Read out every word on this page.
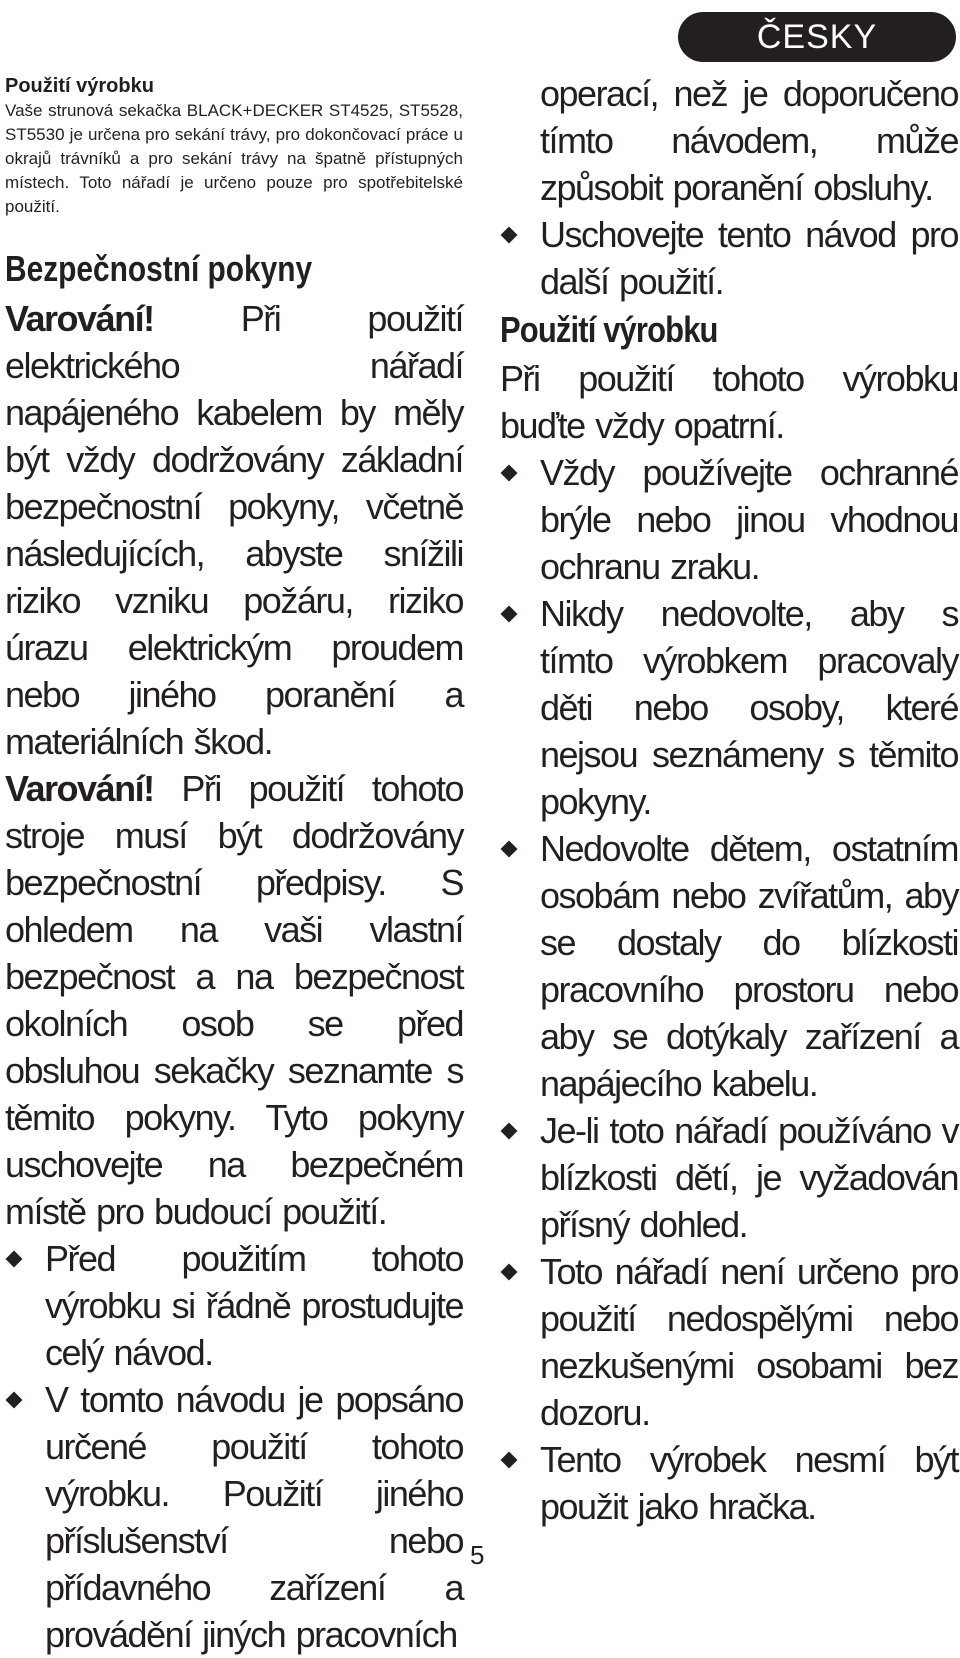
ČESKY

Použití výrobku

Vaše strunová sekačka BLACK+DECKER ST4525, ST5528, ST5530 je určena pro sekání trávy, pro dokončovací práce u okrajů trávníků a pro sekání trávy na špatně přístupných místech. Toto nářadí je určeno pouze pro spotřebitelské použití.

Bezpečnostní pokyny

Varování! Při použití elektrického nářadí napájeného kabelem by měly být vždy dodržovány základní bezpečnostní pokyny, včetně následujících, abyste snížili riziko vzniku požáru, riziko úrazu elektrickým proudem nebo jiného poranění a materiálních škod.

Varování! Při použití tohoto stroje musí být dodržovány bezpečnostní předpisy. S ohledem na vaši vlastní bezpečnost a na bezpečnost okolních osob se před obsluhou sekačky seznamte s těmito pokyny. Tyto pokyny uschovejte na bezpečném místě pro budoucí použití.

Před použitím tohoto výrobku si řádně prostudujte celý návod.
V tomto návodu je popsáno určené použití tohoto výrobku. Použití jiného příslušenství nebo přídavného zařízení a provádění jiných pracovních

operací, než je doporučeno tímto návodem, může způsobit poranění obsluhy.

Uschovejte tento návod pro další použití.

Použití výrobku

Při použití tohoto výrobku buďte vždy opatrní.

Vždy používejte ochranné brýle nebo jinou vhodnou ochranu zraku.
Nikdy nedovolte, aby s tímto výrobkem pracovaly děti nebo osoby, které nejsou seznámeny s těmito pokyny.
Nedovolte dětem, ostatním osobám nebo zvířatům, aby se dostaly do blízkosti pracovního prostoru nebo aby se dotýkaly zařízení a napájecího kabelu.
Je-li toto nářadí používáno v blízkosti dětí, je vyžadován přísný dohled.
Toto nářadí není určeno pro použití nedospělými nebo nezkušenými osobami bez dozoru.
Tento výrobek nesmí být použit jako hračka.
5
